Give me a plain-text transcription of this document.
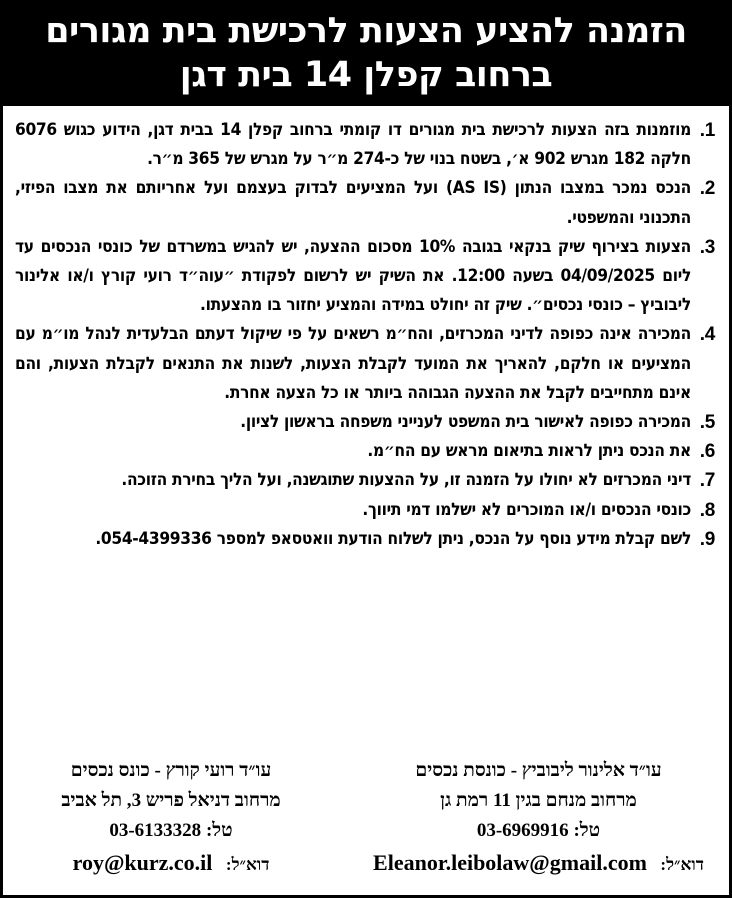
הזמנה להציע הצעות לרכישת בית מגורים
ברחוב קפלן 14 בית דגן
1.
מוזמנות בזה הצעות לרכישת בית מגורים דו קומתי ברחוב קפלן 14 בבית דגן, הידוע כגוש 6076 חלקה 182 מגרש 902 א׳, בשטח בנוי של כ-274 מ״ר על מגרש של 365 מ״ר.
2.
הנכס נמכר במצבו הנתון (AS IS) ועל המציעים לבדוק בעצמם ועל אחריותם את מצבו הפיזי, התכנוני והמשפטי.
3.
הצעות בצירוף שיק בנקאי בגובה 10% מסכום ההצעה, יש להגיש במשרדם של כונסי הנכסים עד ליום 04/09/2025 בשעה 12:00. את השיק יש לרשום לפקודת ״עוה״ד רועי קורץ ו/או אלינור ליבוביץ – כונסי נכסים״. שיק זה יחולט במידה והמציע יחזור בו מהצעתו.
4.
המכירה אינה כפופה לדיני המכרזים, והח״מ רשאים על פי שיקול דעתם הבלעדית לנהל מו״מ עם המציעים או חלקם, להאריך את המועד לקבלת הצעות, לשנות את התנאים לקבלת הצעות, והם אינם מתחייבים לקבל את ההצעה הגבוהה ביותר או כל הצעה אחרת.
5.
המכירה כפופה לאישור בית המשפט לענייני משפחה בראשון לציון.
6.
את הנכס ניתן לראות בתיאום מראש עם הח״מ.
7.
דיני המכרזים לא יחולו על הזמנה זו, על ההצעות שתוגשנה, ועל הליך בחירת הזוכה.
8.
כונסי הנכסים ו/או המוכרים לא ישלמו דמי תיווך.
9.
לשם קבלת מידע נוסף על הנכס, ניתן לשלוח הודעת וואטסאפ למספר 054-4399336.
עו״ד אלינור ליבוביץ - כונסת נכסים
מרחוב מנחם בגין 11 רמת גן
טל: 03-6969916
דוא״ל: Eleanor.leibolaw@gmail.com
עו״ד רועי קורץ - כונס נכסים
מרחוב דניאל פריש 3, תל אביב
טל: 03-6133328
דוא״ל: roy@kurz.co.il
